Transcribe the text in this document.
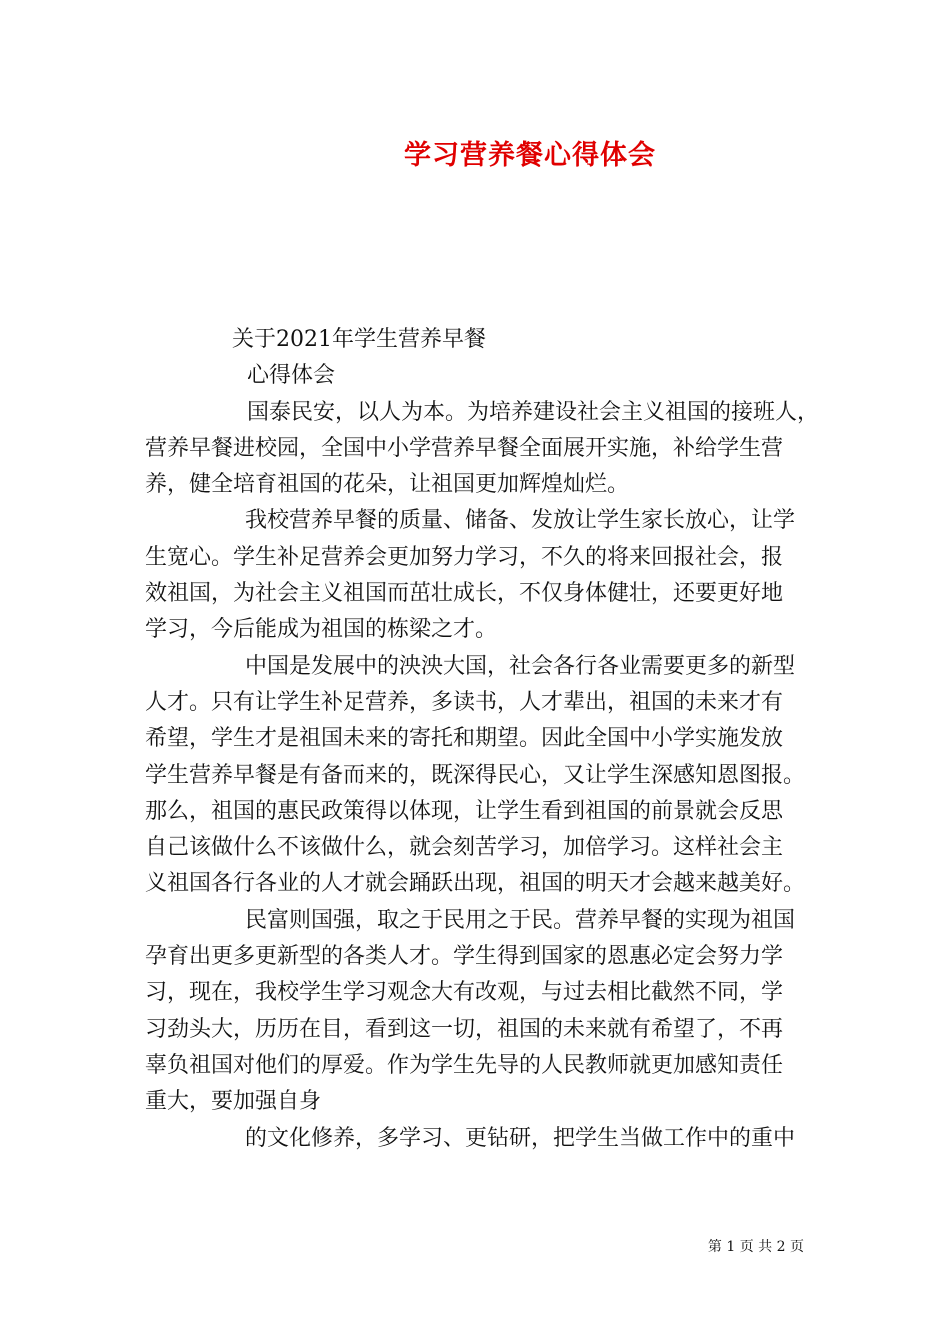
学习营养餐心得体会
关于2021年学生营养早餐
心得体会
国泰民安，以人为本。为培养建设社会主义祖国的接班人，
营养早餐进校园，全国中小学营养早餐全面展开实施，补给学生营
养，健全培育祖国的花朵，让祖国更加辉煌灿烂。
我校营养早餐的质量、储备、发放让学生家长放心，让学
生宽心。学生补足营养会更加努力学习，不久的将来回报社会，报
效祖国，为社会主义祖国而茁壮成长，不仅身体健壮，还要更好地
学习，今后能成为祖国的栋梁之才。
中国是发展中的泱泱大国，社会各行各业需要更多的新型
人才。只有让学生补足营养，多读书，人才辈出，祖国的未来才有
希望，学生才是祖国未来的寄托和期望。因此全国中小学实施发放
学生营养早餐是有备而来的，既深得民心，又让学生深感知恩图报。
那么，祖国的惠民政策得以体现，让学生看到祖国的前景就会反思
自己该做什么不该做什么，就会刻苦学习，加倍学习。这样社会主
义祖国各行各业的人才就会踊跃出现，祖国的明天才会越来越美好。
民富则国强，取之于民用之于民。营养早餐的实现为祖国
孕育出更多更新型的各类人才。学生得到国家的恩惠必定会努力学
习，现在，我校学生学习观念大有改观，与过去相比截然不同，学
习劲头大，历历在目，看到这一切，祖国的未来就有希望了，不再
辜负祖国对他们的厚爱。作为学生先导的人民教师就更加感知责任
重大，要加强自身
的文化修养，多学习、更钻研，把学生当做工作中的重中
第 1 页 共 2 页
